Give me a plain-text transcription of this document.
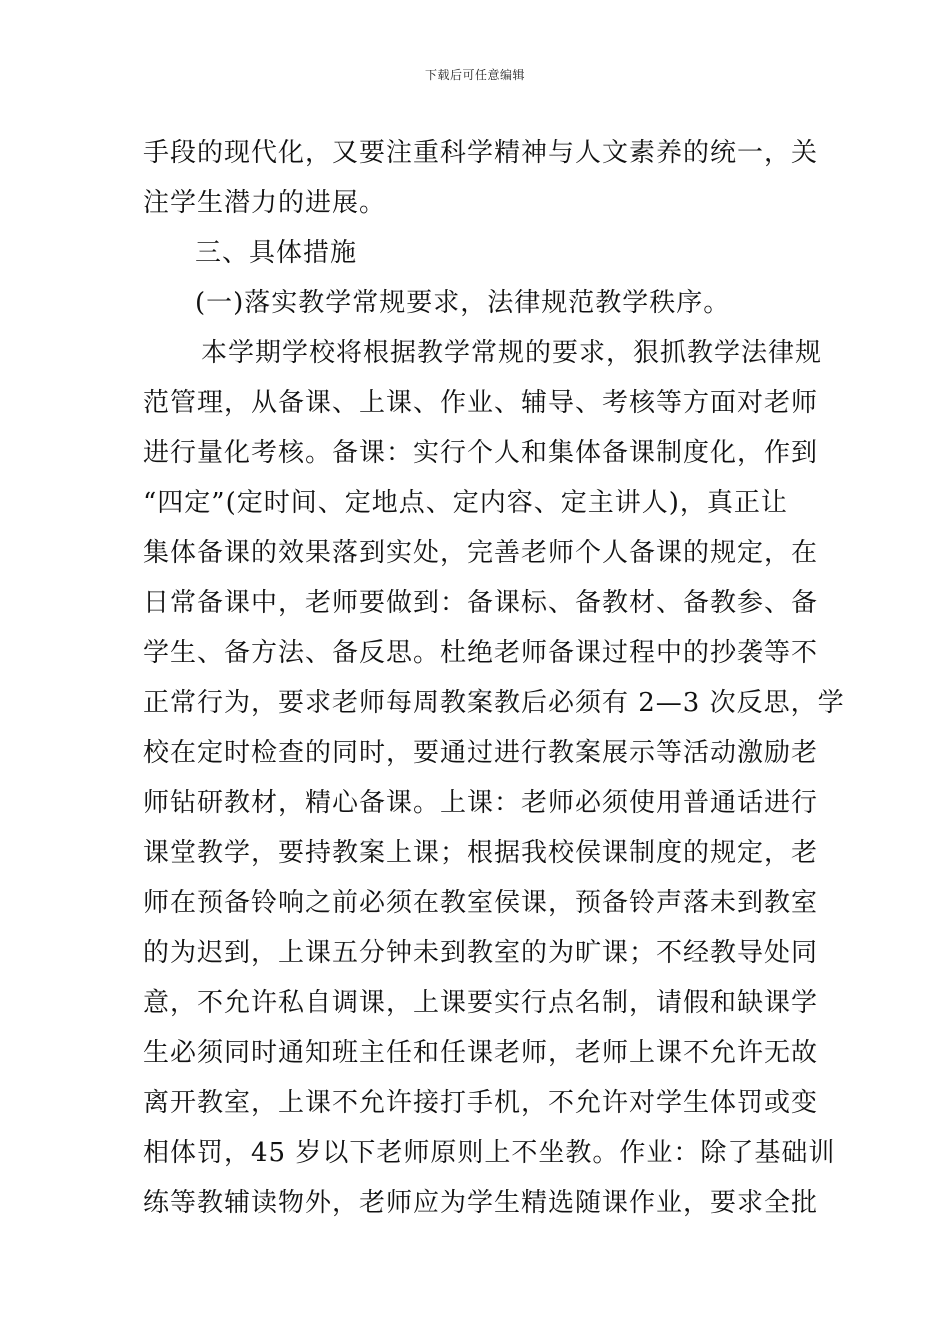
下载后可任意编辑
手段的现代化，又要注重科学精神与人文素养的统一，关
注学生潜力的进展。
三、具体措施
(一)落实教学常规要求，法律规范教学秩序。
本学期学校将根据教学常规的要求，狠抓教学法律规
范管理，从备课、上课、作业、辅导、考核等方面对老师
进行量化考核。备课：实行个人和集体备课制度化，作到
“四定”(定时间、定地点、定内容、定主讲人)，真正让
集体备课的效果落到实处，完善老师个人备课的规定，在
日常备课中，老师要做到：备课标、备教材、备教参、备
学生、备方法、备反思。杜绝老师备课过程中的抄袭等不
正常行为，要求老师每周教案教后必须有 2—3 次反思，学
校在定时检查的同时，要通过进行教案展示等活动激励老
师钻研教材，精心备课。上课：老师必须使用普通话进行
课堂教学，要持教案上课；根据我校侯课制度的规定，老
师在预备铃响之前必须在教室侯课，预备铃声落未到教室
的为迟到，上课五分钟未到教室的为旷课；不经教导处同
意，不允许私自调课，上课要实行点名制，请假和缺课学
生必须同时通知班主任和任课老师，老师上课不允许无故
离开教室，上课不允许接打手机，不允许对学生体罚或变
相体罚，45 岁以下老师原则上不坐教。作业：除了基础训
练等教辅读物外，老师应为学生精选随课作业，要求全批
